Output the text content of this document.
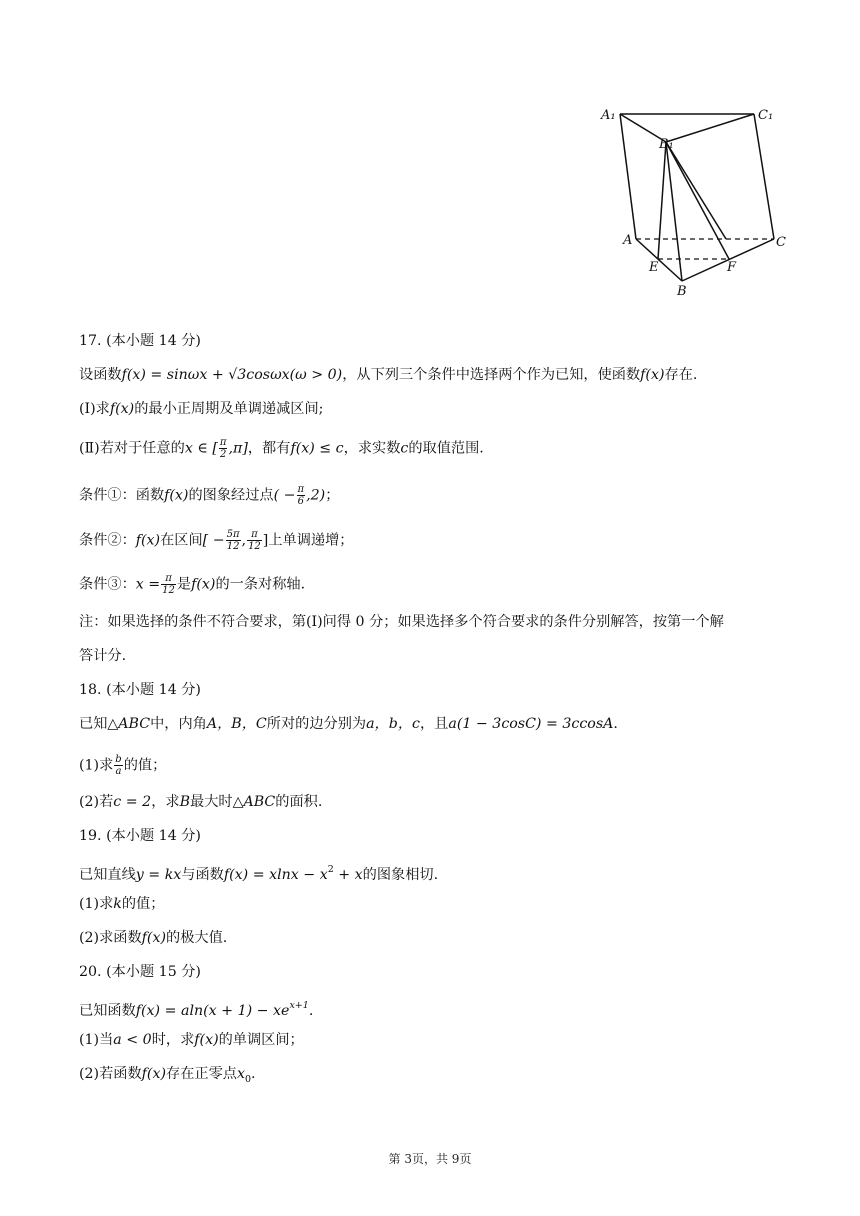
A₁	C₁
B₁
A	C
E	F
B
17. (本小题 14 分)
设函数f(x) = sinωx + √3cosωx(ω > 0)，从下列三个条件中选择两个作为已知，使函数f(x)存在.
(Ⅰ)求f(x)的最小正周期及单调递减区间;
(Ⅱ)若对于任意的x ∈ [ $\frac{\pi}{2} ,\pi$]，都有f(x) ≤ c，求实数c的取值范围.
条件①：函数f(x)的图象经过点( − $\frac{\pi}{6} ,2$)；
条件②：f(x)在区间[ − $\frac{5\pi}{12}$ , $\frac{\pi}{12}$ ]上单调递增；
条件③：$x = \frac{\pi}{12}$ 是f(x)的一条对称轴.
注：如果选择的条件不符合要求，第(Ⅰ)问得 0 分；如果选择多个符合要求的条件分别解答，按第一个解
答计分.
18. (本小题 14 分)
已知△ABC中，内角A，B，C所对的边分别为a，b，c，且a(1 − 3cosC) = 3ccosA.
(1)求 $\frac{b}{a}$ 的值；
(2)若c = 2，求B最大时△ABC的面积.
19. (本小题 14 分)
已知直线y = kx与函数$f(x) = xlnx - x^2 + x$的图象相切.
(1)求k的值；
(2)求函数f(x)的极大值.
20. (本小题 15 分)
已知函数$f(x) = aln(x + 1) - xe^{x+1}$.
(1)当a < 0时，求f(x)的单调区间；
(2)若函数f(x)存在正零点$x_0$.
第 3页，共 9页
